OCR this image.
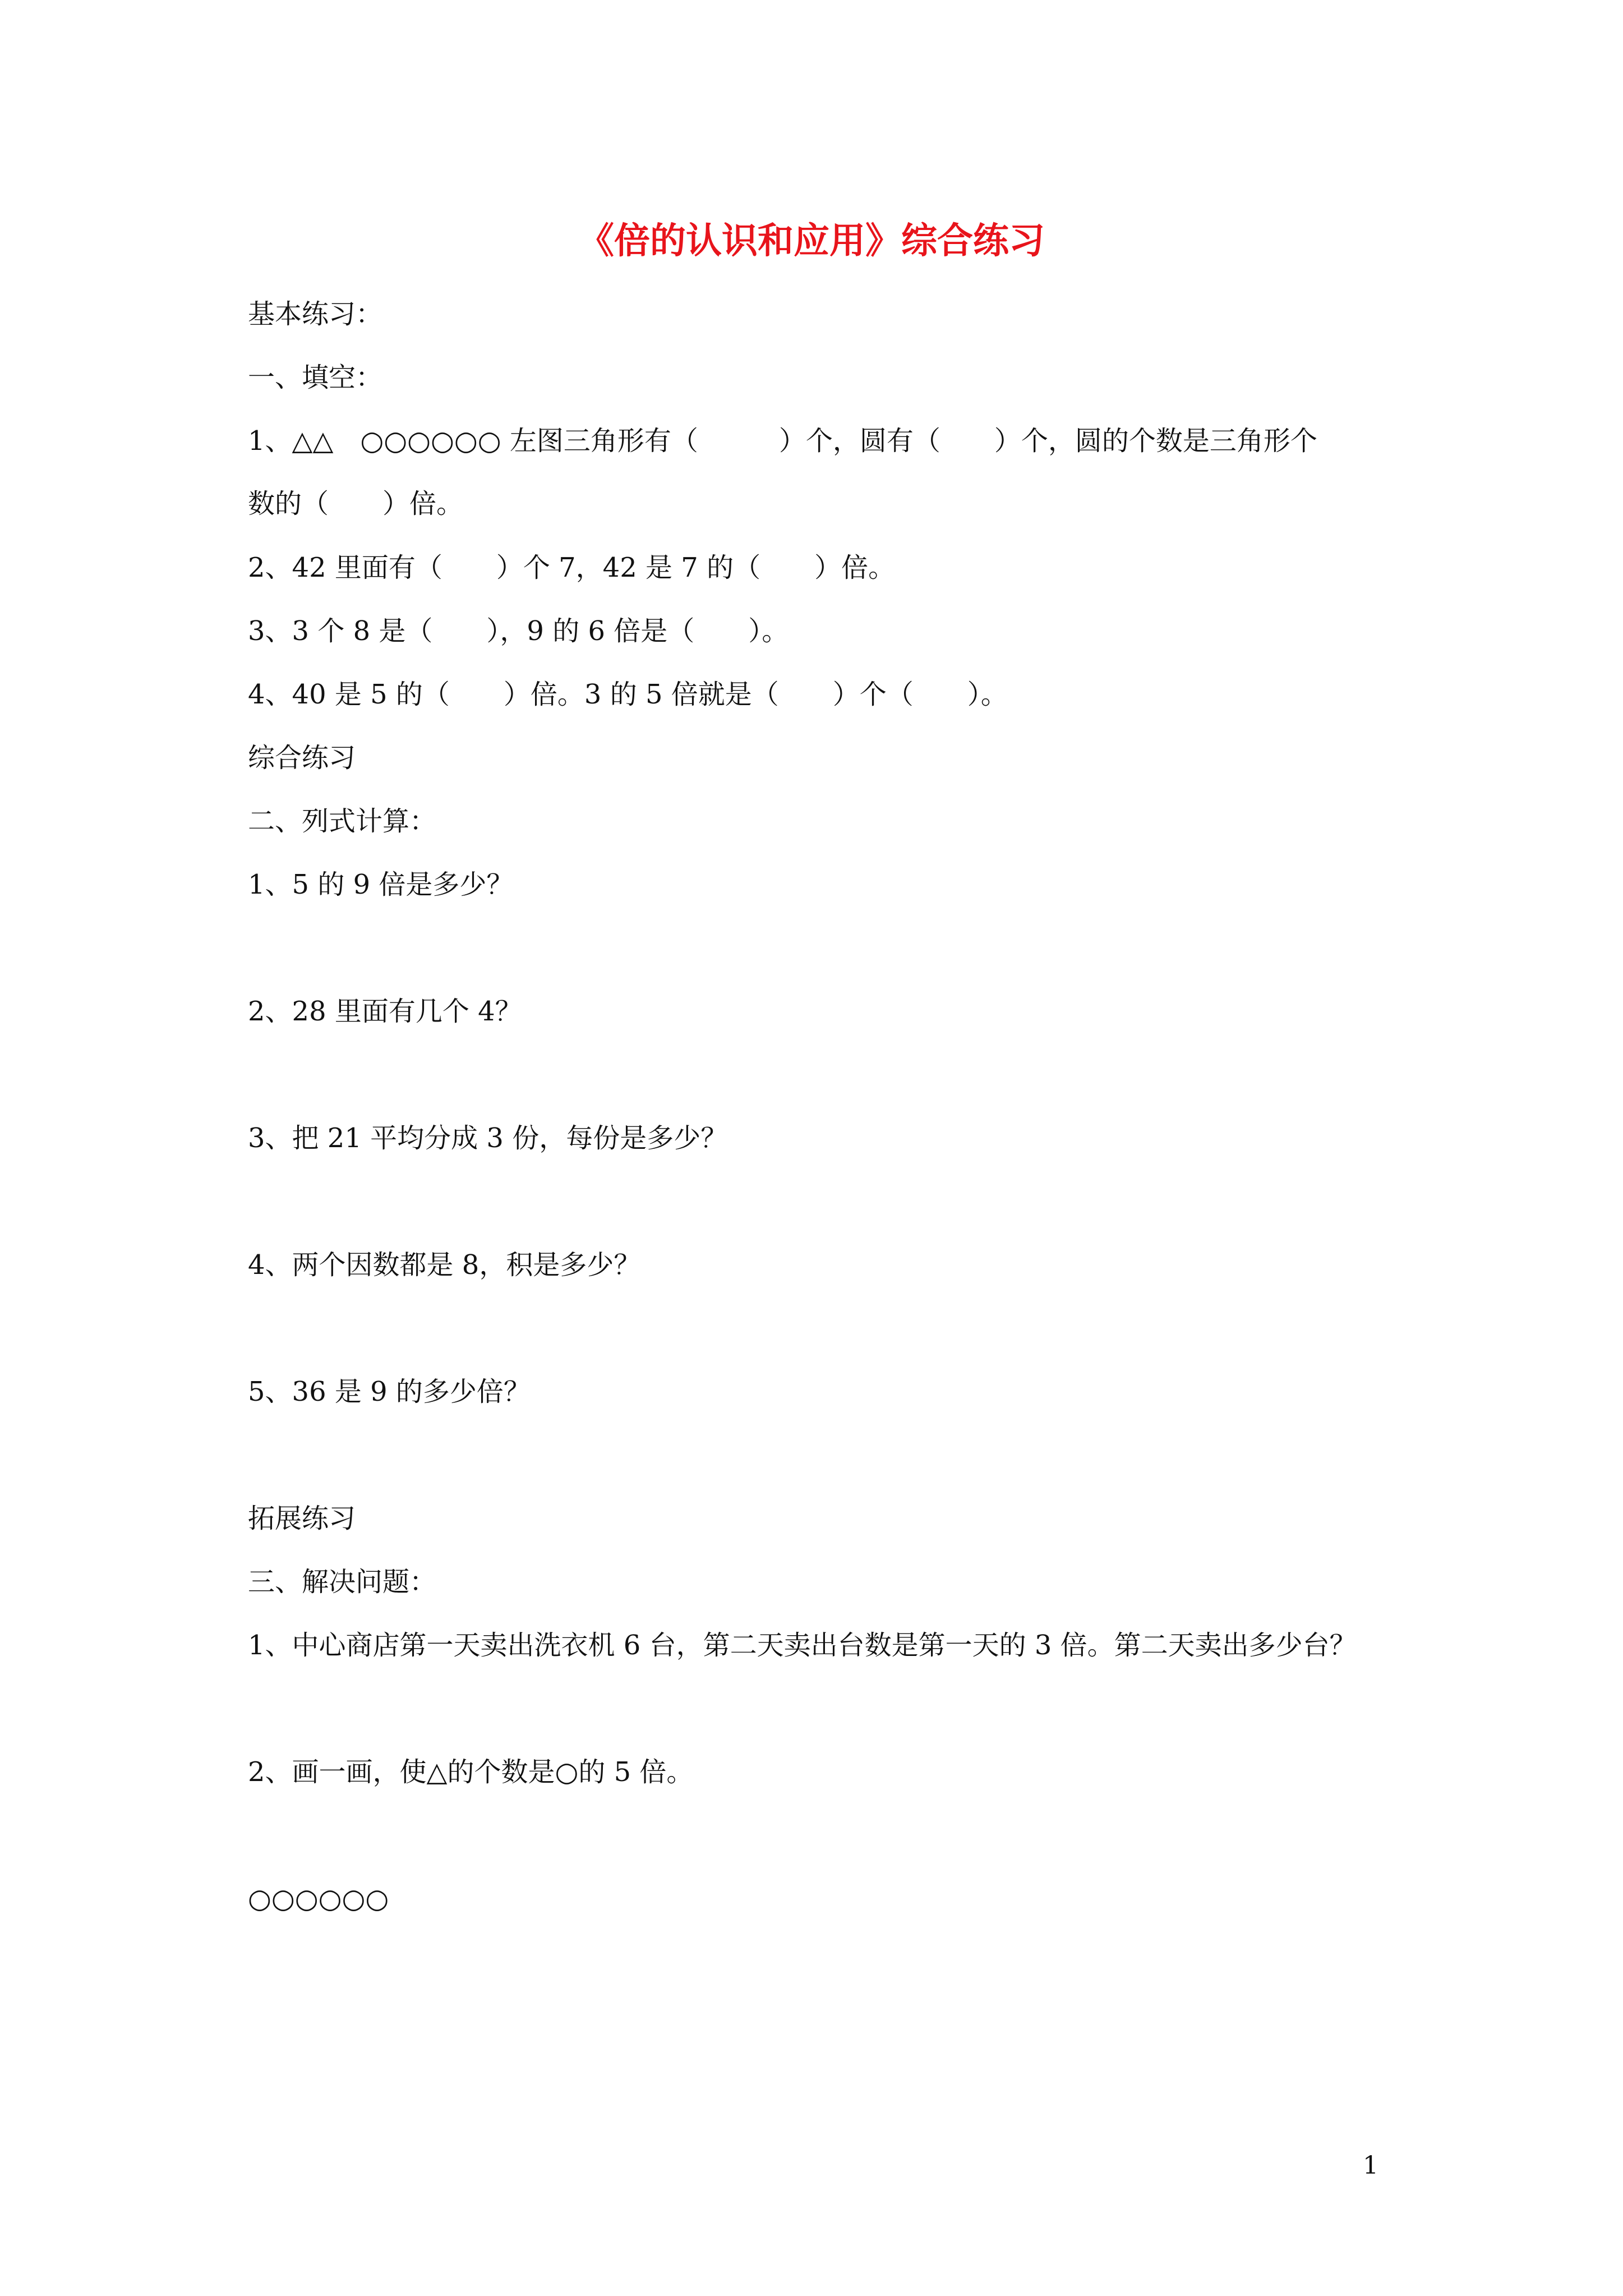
《倍的认识和应用》综合练习
基本练习：
一、填空：
1、△△　○○○○○○ 左图三角形有（　　　）个，圆有（　　）个，圆的个数是三角形个
数的（　　）倍。
2、42 里面有（　　）个 7，42 是 7 的（　　）倍。
3、3 个 8 是（　　），9 的 6 倍是（　　）。
4、40 是 5 的（　　）倍。3 的 5 倍就是（　　）个（　　）。
综合练习
二、列式计算：
1、5 的 9 倍是多少？
2、28 里面有几个 4？
3、把 21 平均分成 3 份，每份是多少？
4、两个因数都是 8，积是多少？
5、36 是 9 的多少倍？
拓展练习
三、解决问题：
1、中心商店第一天卖出洗衣机 6 台，第二天卖出台数是第一天的 3 倍。第二天卖出多少台？
2、画一画，使△的个数是○的 5 倍。
○○○○○○
1
